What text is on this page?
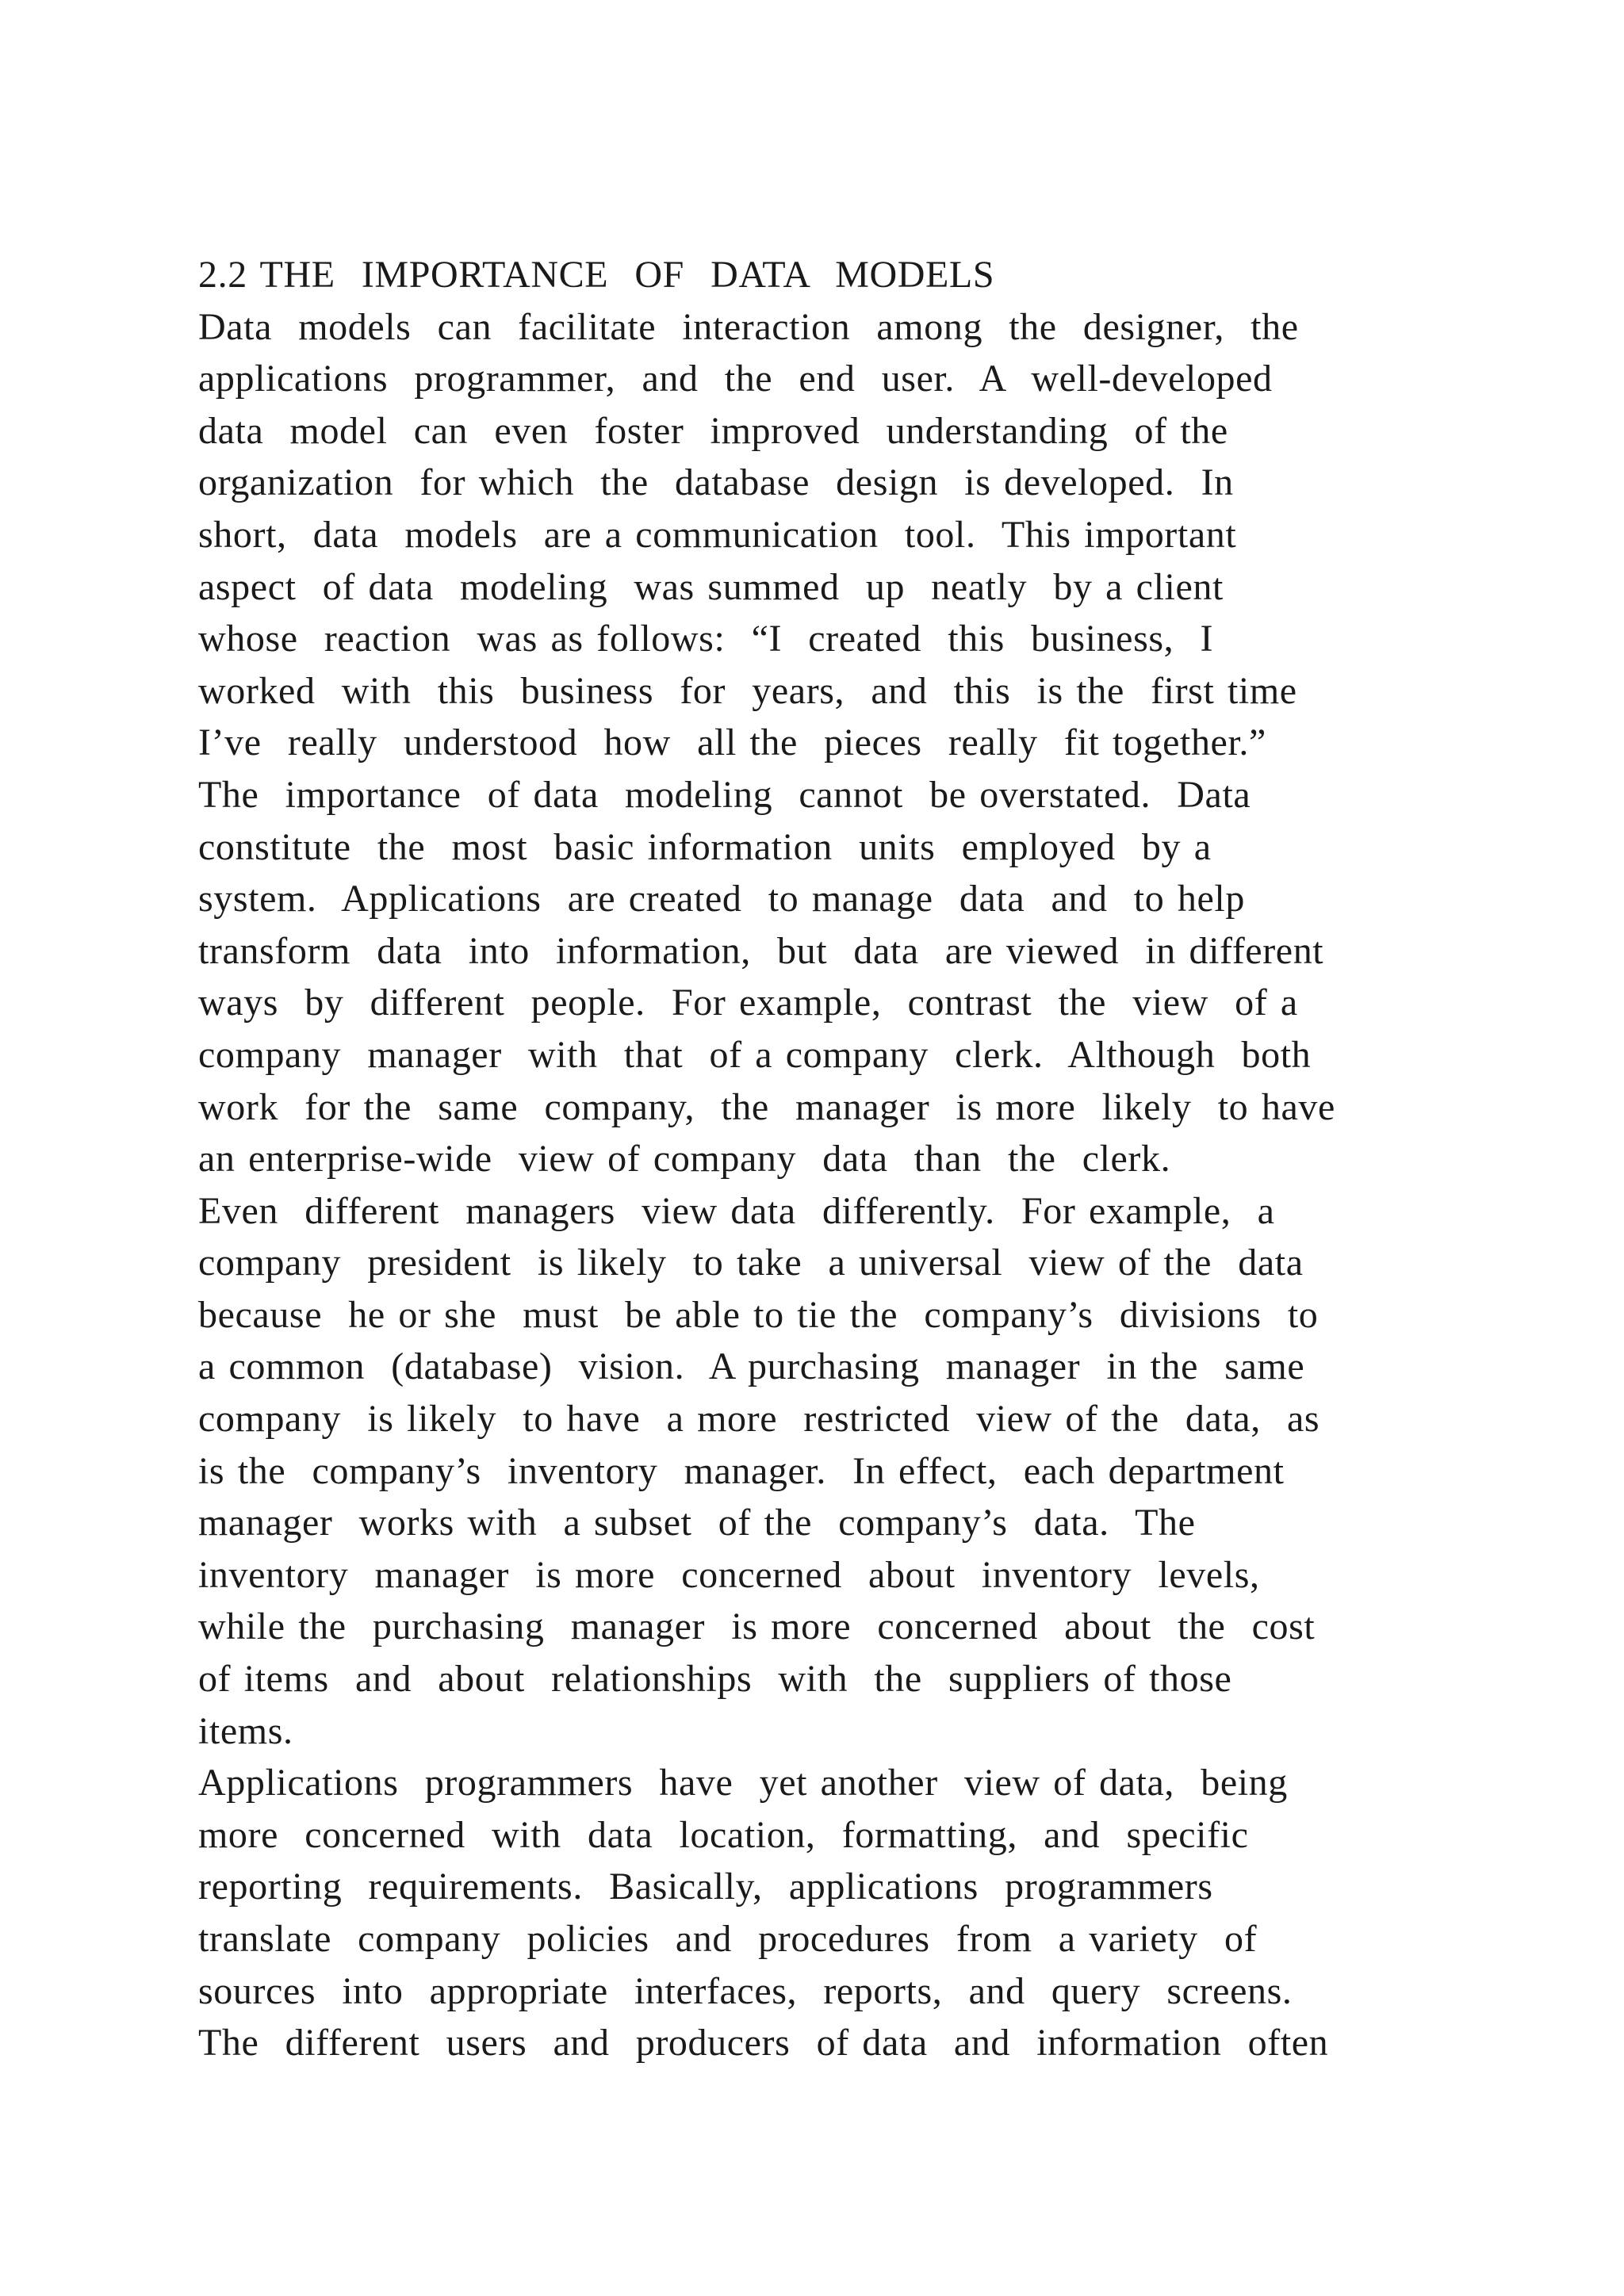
2.2 THE  IMPORTANCE  OF  DATA  MODELS
Data  models  can  facilitate  interaction  among  the  designer,  the
applications  programmer,  and  the  end  user.  A  well-developed
data  model  can  even  foster  improved  understanding  of the
organization  for which  the  database  design  is developed.  In
short,  data  models  are a communication  tool.  This important
aspect  of data  modeling  was summed  up  neatly  by a client
whose  reaction  was as follows:  “I  created  this  business,  I
worked  with  this  business  for  years,  and  this  is the  first time
I’ve  really  understood  how  all the  pieces  really  fit together.”
The  importance  of data  modeling  cannot  be overstated.  Data
constitute  the  most  basic information  units  employed  by a
system.  Applications  are created  to manage  data  and  to help
transform  data  into  information,  but  data  are viewed  in different
ways  by  different  people.  For example,  contrast  the  view  of a
company  manager  with  that  of a company  clerk.  Although  both
work  for the  same  company,  the  manager  is more  likely  to have
an enterprise-wide  view of company  data  than  the  clerk.
Even  different  managers  view data  differently.  For example,  a
company  president  is likely  to take  a universal  view of the  data
because  he or she  must  be able to tie the  company’s  divisions  to
a common  (database)  vision.  A purchasing  manager  in the  same
company  is likely  to have  a more  restricted  view of the  data,  as
is the  company’s  inventory  manager.  In effect,  each department
manager  works with  a subset  of the  company’s  data.  The
inventory  manager  is more  concerned  about  inventory  levels,
while the  purchasing  manager  is more  concerned  about  the  cost
of items  and  about  relationships  with  the  suppliers of those
items.
Applications  programmers  have  yet another  view of data,  being
more  concerned  with  data  location,  formatting,  and  specific
reporting  requirements.  Basically,  applications  programmers
translate  company  policies  and  procedures  from  a variety  of
sources  into  appropriate  interfaces,  reports,  and  query  screens.
The  different  users  and  producers  of data  and  information  often
